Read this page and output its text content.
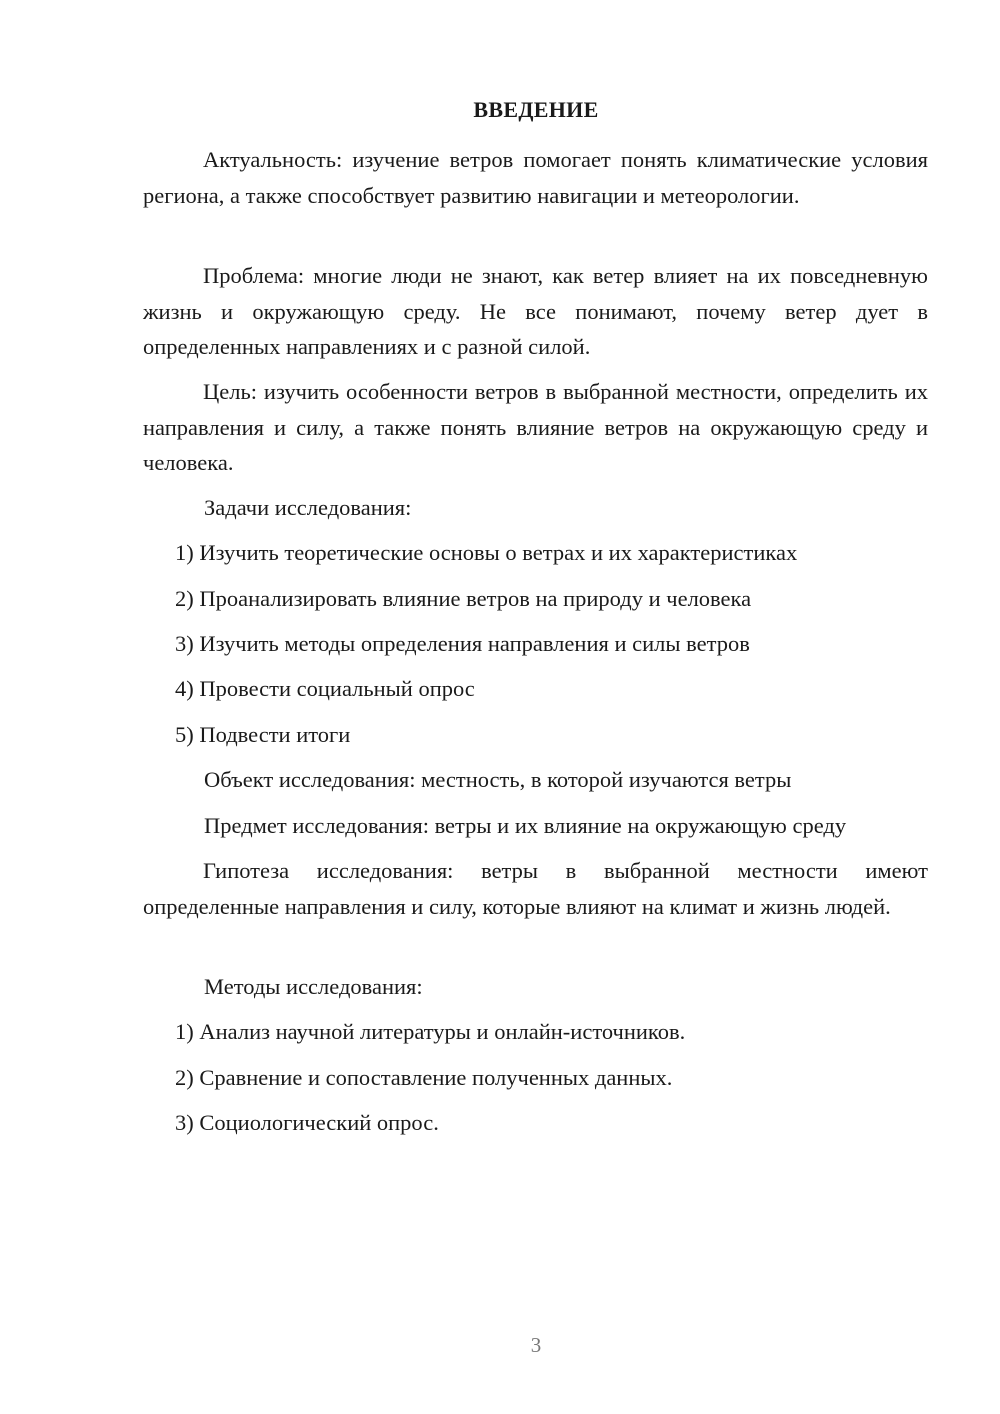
ВВЕДЕНИЕ

Актуальность: изучение ветров помогает понять климатические условия региона, а также способствует развитию навигации и метеорологии.

Проблема: многие люди не знают, как ветер влияет на их повседневную жизнь и окружающую среду. Не все понимают, почему ветер дует в определенных направлениях и с разной силой.

Цель: изучить особенности ветров в выбранной местности, определить их направления и силу, а также понять влияние ветров на окружающую среду и человека.

Задачи исследования:

1) Изучить теоретические основы о ветрах и их характеристиках

2) Проанализировать влияние ветров на природу и человека

3) Изучить методы определения направления и силы ветров

4) Провести социальный опрос

5) Подвести итоги

Объект исследования: местность, в которой изучаются ветры

Предмет исследования: ветры и их влияние на окружающую среду

Гипотеза исследования: ветры в выбранной местности имеют определенные направления и силу, которые влияют на климат и жизнь людей.

Методы исследования:

1) Анализ научной литературы и онлайн-источников.

2) Сравнение и сопоставление полученных данных.

3) Социологический опрос.

3
